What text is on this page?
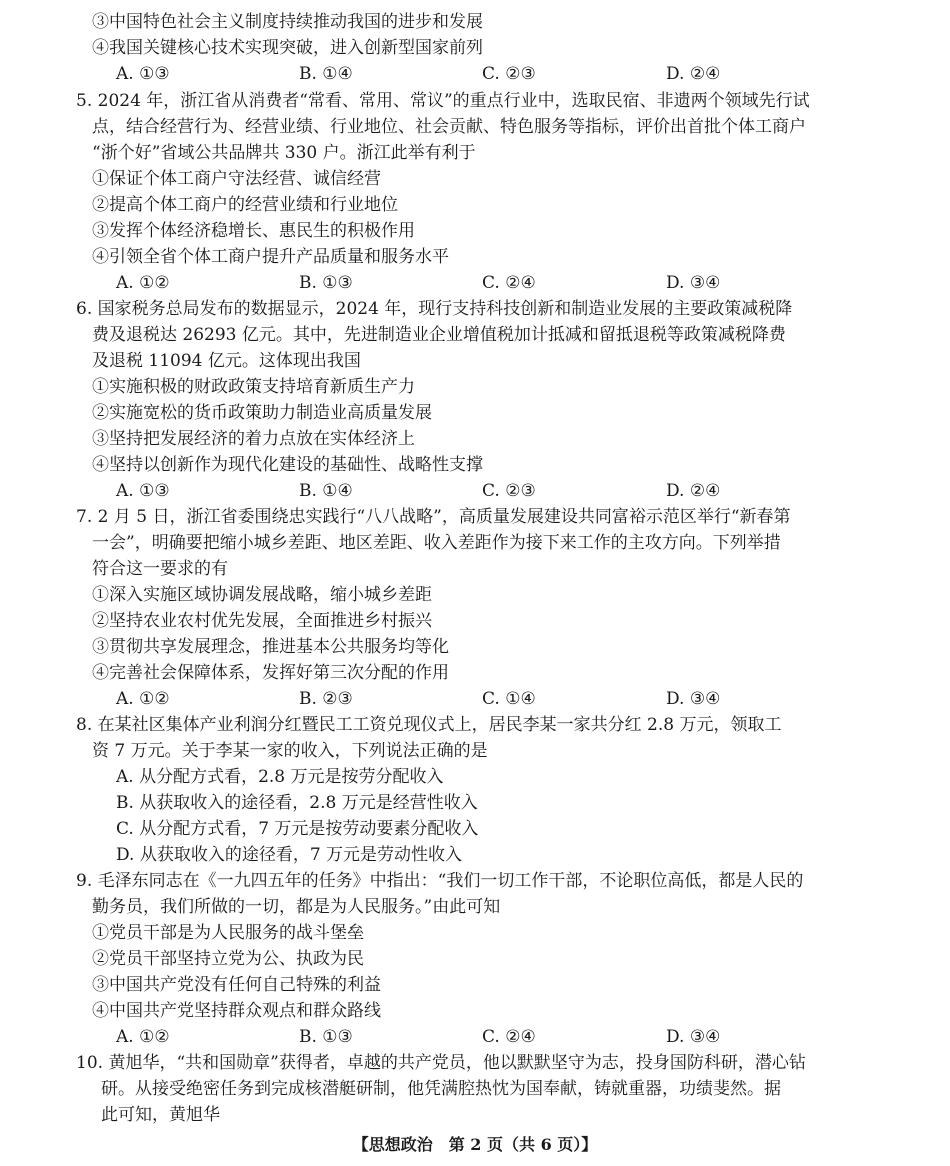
③中国特色社会主义制度持续推动我国的进步和发展
④我国关键核心技术实现突破，进入创新型国家前列
A. ①③	B. ①④	C. ②③	D. ②④
5. 2024 年，浙江省从消费者“常看、常用、常议”的重点行业中，选取民宿、非遗两个领域先行试
点，结合经营行为、经营业绩、行业地位、社会贡献、特色服务等指标，评价出首批个体工商户
“浙个好”省域公共品牌共 330 户。浙江此举有利于
①保证个体工商户守法经营、诚信经营
②提高个体工商户的经营业绩和行业地位
③发挥个体经济稳增长、惠民生的积极作用
④引领全省个体工商户提升产品质量和服务水平
A. ①②	B. ①③	C. ②④	D. ③④
6. 国家税务总局发布的数据显示，2024 年，现行支持科技创新和制造业发展的主要政策减税降
费及退税达 26293 亿元。其中，先进制造业企业增值税加计抵减和留抵退税等政策减税降费
及退税 11094 亿元。这体现出我国
①实施积极的财政政策支持培育新质生产力
②实施宽松的货币政策助力制造业高质量发展
③坚持把发展经济的着力点放在实体经济上
④坚持以创新作为现代化建设的基础性、战略性支撑
A. ①③	B. ①④	C. ②③	D. ②④
7. 2 月 5 日，浙江省委围绕忠实践行“八八战略”，高质量发展建设共同富裕示范区举行“新春第
一会”，明确要把缩小城乡差距、地区差距、收入差距作为接下来工作的主攻方向。下列举措
符合这一要求的有
①深入实施区域协调发展战略，缩小城乡差距
②坚持农业农村优先发展，全面推进乡村振兴
③贯彻共享发展理念，推进基本公共服务均等化
④完善社会保障体系，发挥好第三次分配的作用
A. ①②	B. ②③	C. ①④	D. ③④
8. 在某社区集体产业利润分红暨民工工资兑现仪式上，居民李某一家共分红 2.8 万元，领取工
资 7 万元。关于李某一家的收入，下列说法正确的是
A. 从分配方式看，2.8 万元是按劳分配收入
B. 从获取收入的途径看，2.8 万元是经营性收入
C. 从分配方式看，7 万元是按劳动要素分配收入
D. 从获取收入的途径看，7 万元是劳动性收入
9. 毛泽东同志在《一九四五年的任务》中指出：“我们一切工作干部，不论职位高低，都是人民的
勤务员，我们所做的一切，都是为人民服务。”由此可知
①党员干部是为人民服务的战斗堡垒
②党员干部坚持立党为公、执政为民
③中国共产党没有任何自己特殊的利益
④中国共产党坚持群众观点和群众路线
A. ①②	B. ①③	C. ②④	D. ③④
10. 黄旭华，“共和国勋章”获得者，卓越的共产党员，他以默默坚守为志，投身国防科研，潜心钻
研。从接受绝密任务到完成核潜艇研制，他凭满腔热忱为国奉献，铸就重器，功绩斐然。据
此可知，黄旭华
【思想政治　第 2 页（共 6 页）】
